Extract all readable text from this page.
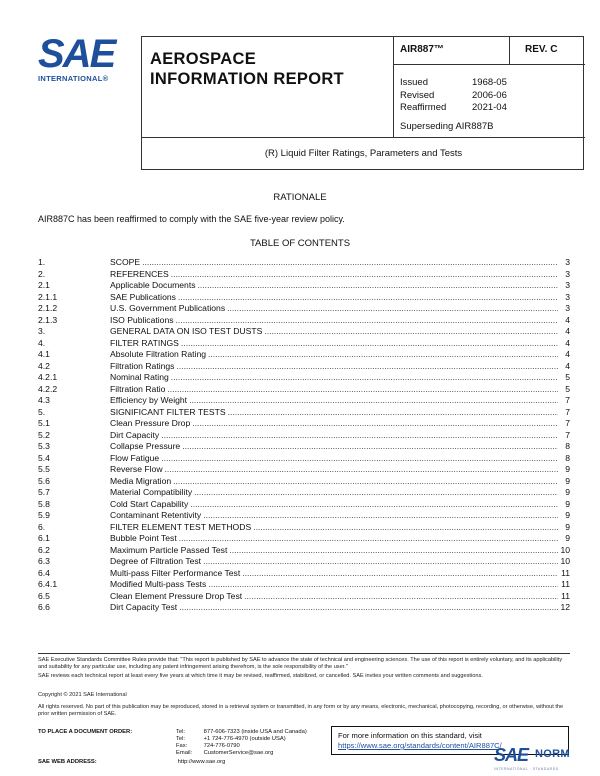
SAE
INTERNATIONAL®
AEROSPACE
INFORMATION REPORT
AIR887™	REV. C
Issued	1968-05
Revised	2006-06
Reaffirmed	2021-04
Superseding AIR887B
(R) Liquid Filter Ratings, Parameters and Tests
RATIONALE
AIR887C has been reaffirmed to comply with the SAE five-year review policy.
TABLE OF CONTENTS
1.	SCOPE .....	3
2.	REFERENCES .....	3
2.1	Applicable Documents .....	3
2.1.1	SAE Publications .....	3
2.1.2	U.S. Government Publications .....	3
2.1.3	ISO Publications .....	4
3.	GENERAL DATA ON ISO TEST DUSTS .....	4
4.	FILTER RATINGS .....	4
4.1	Absolute Filtration Rating .....	4
4.2	Filtration Ratings .....	4
4.2.1	Nominal Rating .....	5
4.2.2	Filtration Ratio .....	5
4.3	Efficiency by Weight .....	7
5.	SIGNIFICANT FILTER TESTS .....	7
5.1	Clean Pressure Drop .....	7
5.2	Dirt Capacity .....	7
5.3	Collapse Pressure .....	8
5.4	Flow Fatigue .....	8
5.5	Reverse Flow .....	9
5.6	Media Migration .....	9
5.7	Material Compatibility .....	9
5.8	Cold Start Capability .....	9
5.9	Contaminant Retentivity .....	9
6.	FILTER ELEMENT TEST METHODS .....	9
6.1	Bubble Point Test .....	9
6.2	Maximum Particle Passed Test .....	10
6.3	Degree of Filtration Test .....	10
6.4	Multi-pass Filter Performance Test .....	11
6.4.1	Modified Multi-pass Tests .....	11
6.5	Clean Element Pressure Drop Test .....	11
6.6	Dirt Capacity Test .....	12
SAE Executive Standards Committee Rules provide that: "This report is published by SAE to advance the state of technical and engineering sciences. The use of this report is entirely voluntary, and its applicability and suitability for any particular use, including any patent infringement arising therefrom, is the sole responsibility of the user."
SAE reviews each technical report at least every five years at which time it may be revised, reaffirmed, stabilized, or cancelled. SAE invites your written comments and suggestions.
Copyright © 2021 SAE International
All rights reserved. No part of this publication may be reproduced, stored in a retrieval system or transmitted, in any form or by any means, electronic, mechanical, photocopying, recording, or otherwise, without the prior written permission of SAE.
TO PLACE A DOCUMENT ORDER:	Tel:	877-606-7323 (inside USA and Canada)
Tel:	+1 724-776-4970 (outside USA)
Fax:	724-776-0790
Email: CustomerService@sae.org
SAE WEB ADDRESS:	http://www.sae.org
For more information on this standard, visit
https://www.sae.org/standards/content/AIR887C/
SAE NORM
INTERNATIONAL · STANDARDS
